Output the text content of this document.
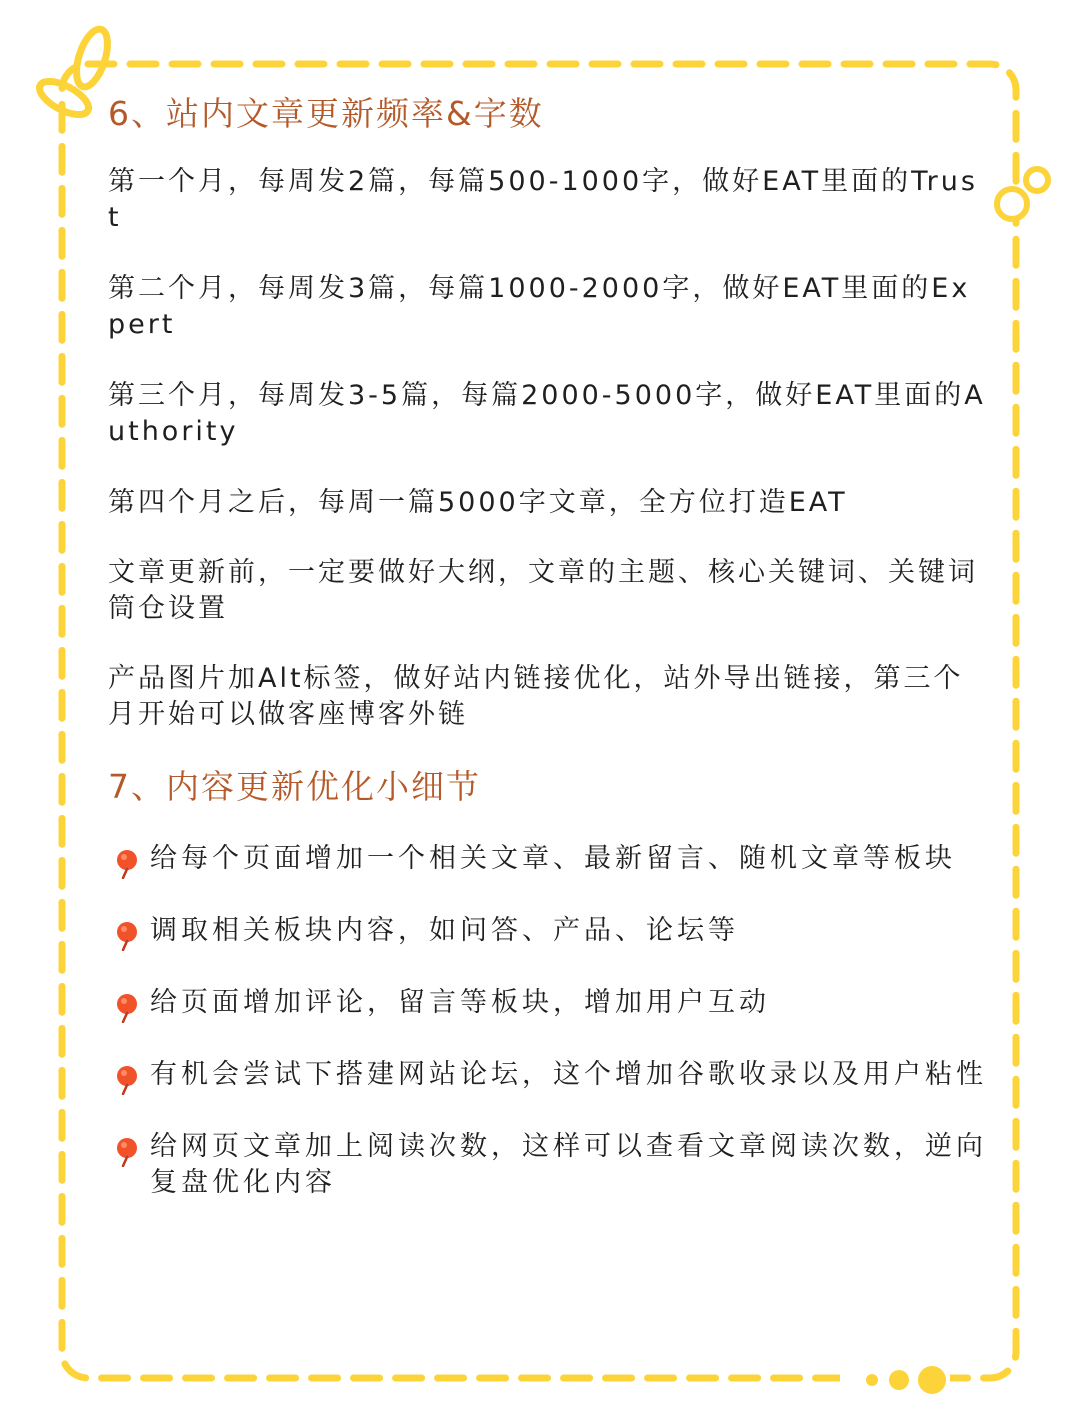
6、站内文章更新频率&字数

第一个月，每周发2篇，每篇500-1000字，做好EAT里面的Trust

第二个月，每周发3篇，每篇1000-2000字，做好EAT里面的Expert

第三个月，每周发3-5篇，每篇2000-5000字，做好EAT里面的Authority

第四个月之后，每周一篇5000字文章，全方位打造EAT

文章更新前，一定要做好大纲，文章的主题、核心关键词、关键词筒仓设置

产品图片加Alt标签，做好站内链接优化，站外导出链接，第三个月开始可以做客座博客外链

7、内容更新优化小细节
给每个页面增加一个相关文章、最新留言、随机文章等板块
调取相关板块内容，如问答、产品、论坛等
给页面增加评论，留言等板块，增加用户互动
有机会尝试下搭建网站论坛，这个增加谷歌收录以及用户粘性
给网页文章加上阅读次数，这样可以查看文章阅读次数，逆向复盘优化内容
